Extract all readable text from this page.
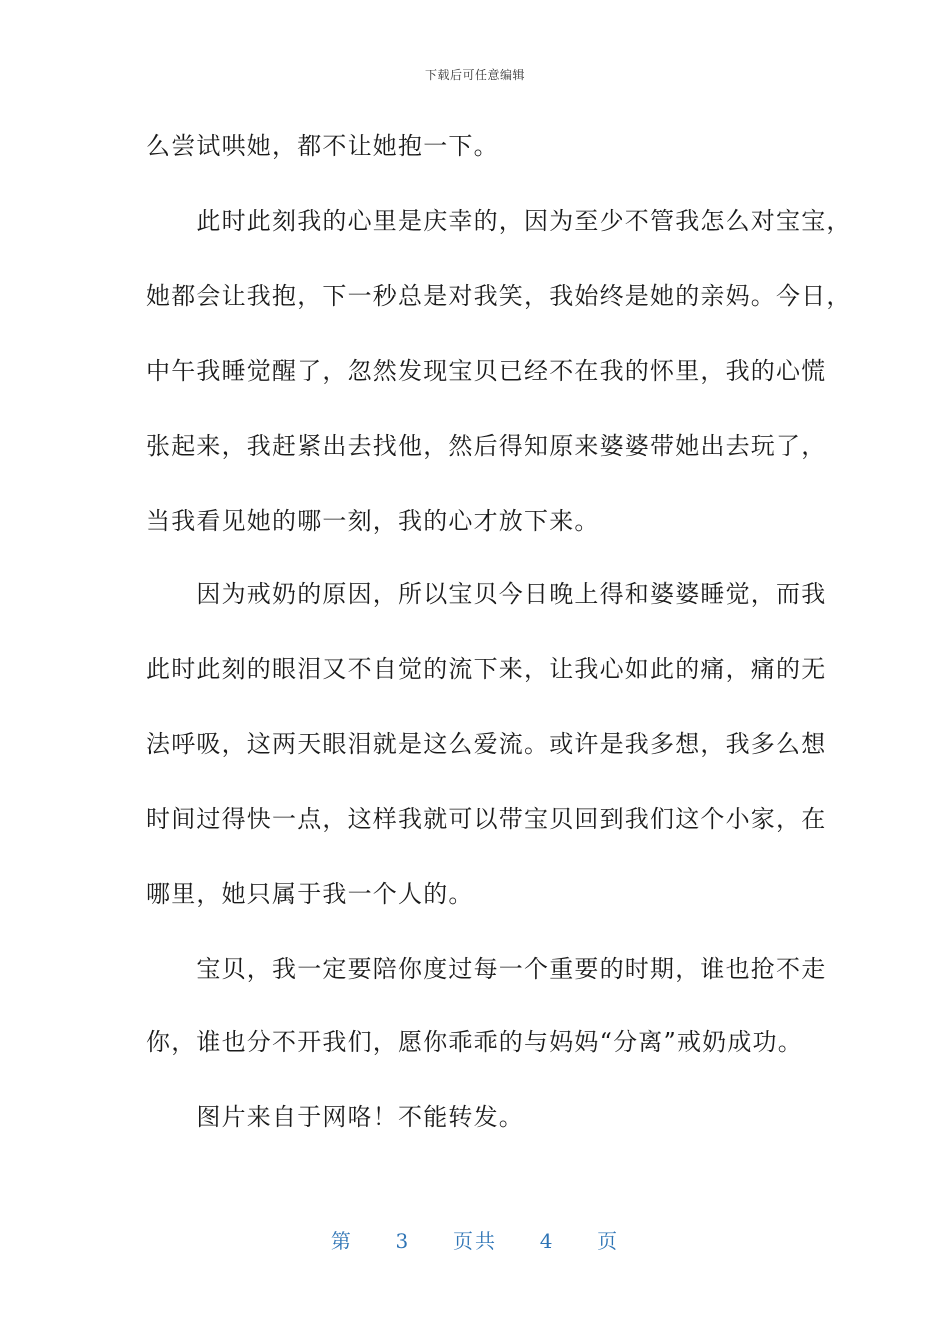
下载后可任意编辑
么尝试哄她，都不让她抱一下。
　　此时此刻我的心里是庆幸的，因为至少不管我怎么对宝宝，
她都会让我抱，下一秒总是对我笑，我始终是她的亲妈。今日，
中午我睡觉醒了，忽然发现宝贝已经不在我的怀里，我的心慌
张起来，我赶紧出去找他，然后得知原来婆婆带她出去玩了，
当我看见她的哪一刻，我的心才放下来。
　　因为戒奶的原因，所以宝贝今日晚上得和婆婆睡觉，而我
此时此刻的眼泪又不自觉的流下来，让我心如此的痛，痛的无
法呼吸，这两天眼泪就是这么爱流。或许是我多想，我多么想
时间过得快一点，这样我就可以带宝贝回到我们这个小家，在
哪里，她只属于我一个人的。
　　宝贝，我一定要陪你度过每一个重要的时期，谁也抢不走
你，谁也分不开我们，愿你乖乖的与妈妈“分离”戒奶成功。
　　图片来自于网咯！不能转发。
第 3 页共 4 页
